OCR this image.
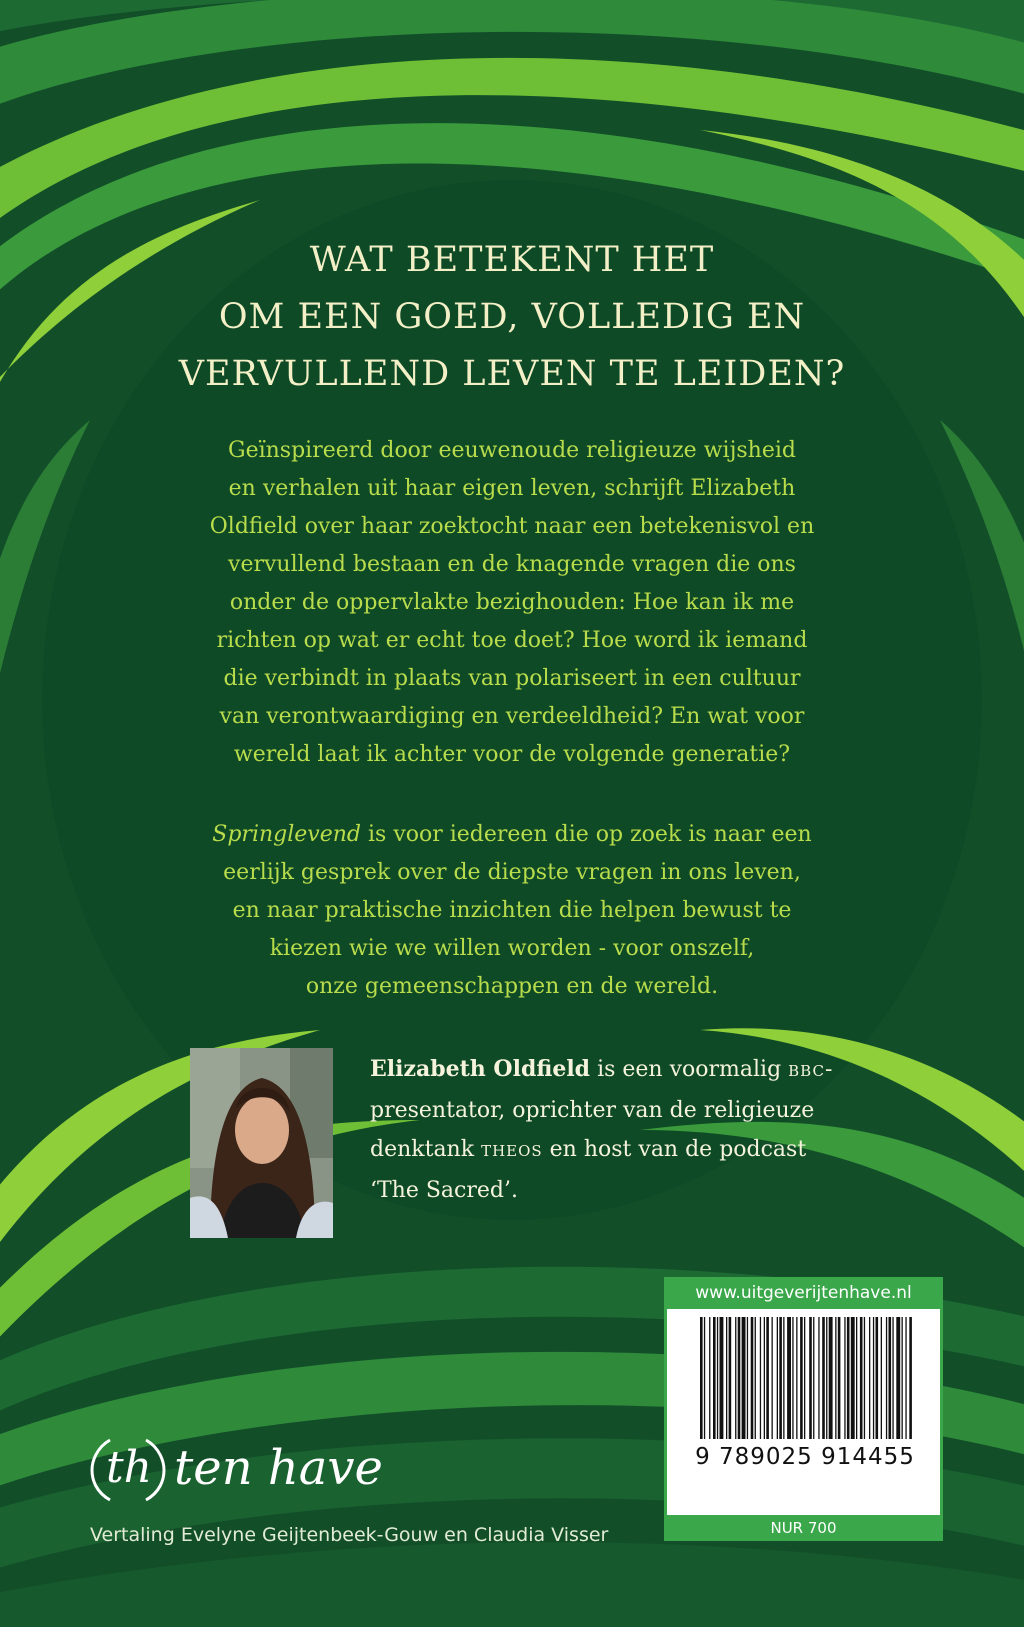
WAT BETEKENT HET
OM EEN GOED, VOLLEDIG EN
VERVULLEND LEVEN TE LEIDEN?

Geïnspireerd door eeuwenoude religieuze wijsheid
en verhalen uit haar eigen leven, schrijft Elizabeth
Oldfield over haar zoektocht naar een betekenisvol en
vervullend bestaan en de knagende vragen die ons
onder de oppervlakte bezighouden: Hoe kan ik me
richten op wat er echt toe doet? Hoe word ik iemand
die verbindt in plaats van polariseert in een cultuur
van verontwaardiging en verdeeldheid? En wat voor
wereld laat ik achter voor de volgende generatie?

Springlevend is voor iedereen die op zoek is naar een
eerlijk gesprek over de diepste vragen in ons leven,
en naar praktische inzichten die helpen bewust te
kiezen wie we willen worden - voor onszelf,
onze gemeenschappen en de wereld.

Elizabeth Oldfield is een voormalig BBC-
presentator, oprichter van de religieuze
denktank THEOS en host van de podcast
‘The Sacred’.
www.uitgeverijtenhave.nl
9 789025 914455
NUR 700
th ten have
Vertaling Evelyne Geijtenbeek-Gouw en Claudia Visser
